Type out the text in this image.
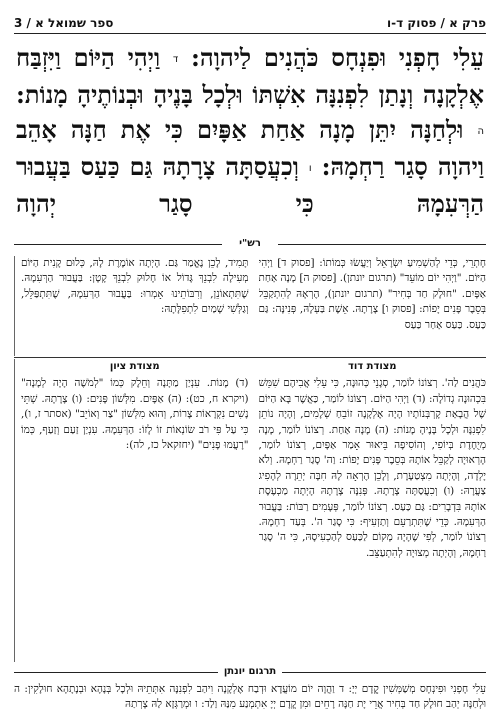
פרק א / פסוק ד-ו
3 / ספר שמואל א
עֵלִי חָפְנִי וּפִנְחָס כֹּהֲנִים לַיהוָה: ד וַיְהִי הַיּוֹם וַיִּזְבַּח אֶלְקָנָה וְנָתַן לִפְנִנָּה אִשְׁתּוֹ וּלְכָל בָּנֶיהָ וּבְנוֹתֶיהָ מָנוֹת: ה וּלְחַנָּה יִתֵּן מָנָה אַחַת אַפָּיִם כִּי אֶת חַנָּה אָהֵב וַיהוָה סָגַר רַחְמָהּ: ו וְכִעֲסַתָּה צָרָתָהּ גַּם כַּעַס בַּעֲבוּר הַרְּעִמָהּ כִּי סָגַר יְהוָה
רש"י
חָתְרֵי, כְּדֵי לְהַשְׁמִיעַ יִשְׂרָאֵל וְיַעֲשׂוּ כְּמוֹתוֹ: [פסוק ד] וַיְהִי הַיּוֹם. "וַיְהִי יוֹם מוֹעֵד" (תרגום יונתן). [פסוק ה] מָנָה אַחַת אַפָּיִם. "חוּלָק חַד בְּחִיר" (תרגום יונתן), הֶרְאָהּ לְהִתְקַבֵּל בְּסֵבֶר פָּנִים יָפוֹת: [פסוק ו] צָרָתָהּ. אֵשֶׁת בַּעְלָהּ, פְּנִינָּה: גַּם כַּעַס. כַּעַס אַחַר כַּעַס
תָּמִיד, לָכֵן נֶאֱמַר גַּם. הָיְתָה אוֹמֶרֶת לָהּ, כְּלוּם קָנִית הַיּוֹם מְעִילָה לִבְנֵךְ גָּדוֹל אוֹ חָלוּק לִבְנֵךְ קָטָן: בַּעֲבוּר הַרְּעִמָהּ. שֶׁתִּתְאוֹנֵן, וְרִבּוֹתֵינוּ אָמְרוּ: בַּעֲבוּר הַרְּעִמָהּ, שֶׁתִּתְפַּלֵּל, וְגַלְּשִׁי שָׁמַיִם לִתְפִלָּתָהּ:
מצודת דוד
כֹּהֲנִים לַה'. רְצוֹנוֹ לוֹמַר, סְגָנֵי כְּהוּנָה, כִּי עֵלִי אֲבִיהֶם שִׁמֵּשׁ בִּכְהוּנָה גְדוֹלָה: (ד) וַיְהִי הַיּוֹם. רְצוֹנוֹ לוֹמַר, כַּאֲשֶׁר בָּא הַיּוֹם שֶׁל הֲבָאַת קָרְבְּנוֹתָיו הָיָה אֶלְקָנָה זוֹבֵחַ שְׁלָמִים, וְהָיָה נוֹתֵן לִפְנִנָּה וּלְכָל בָּנֶיהָ מָנוֹת: (ה) מָנָה אַחַת. רְצוֹנוֹ לוֹמַר, מָנָה מְיֻחֶדֶת בְּיוֹפִי, וְהוֹסִיפָה בֵּיאוּר אָמַר אַפָּיִם, רְצוֹנוֹ לוֹמַר, הָרְאוּיָה לְקַבֵּל אוֹתָהּ בְּסֵבֶר פָּנִים יָפוֹת: וַה' סָגַר רַחְמָהּ. וְלֹא יָלְדָה, וְהָיְתָה מִצְטַעֶרֶת, וְלָכֵן הֶרְאָה לָהּ חִבָּה יְתֵרָה לְהָפִיג צַעֲרָהּ: (ו) וְכִעֲסַתָּה צָרָתָהּ. פְּנִנָּה צָרָתָהּ הָיְתָה מַכְעֶסֶת אוֹתָהּ בִּדְבָרִים: גַּם כַּעַס. רְצוֹנוֹ לוֹמַר, פְּעָמִים רַבּוֹת: בַּעֲבוּר הַרְּעִמָהּ. כְּדֵי שֶׁתִּתְרַעֵם וְתַזְעִיף: כִּי סָגַר ה'. בְּעַד רַחְמָהּ. רְצוֹנוֹ לוֹמַר, לְפִי שֶׁהָיָה מָקוֹם לַכַּעַס לְהַכְעִיסָהּ, כִּי ה' סָגַר רַחְמָהּ, וְהָיְתָה מְצוּיָה לְהִתְעַצֵּב.
מצודת ציון
(ד) מָנוֹת. עִנְיַן מַתָּנָה וְחֵלֶק כְּמוֹ "לְמֹשֶׁה הָיָה לְמָנָה" (ויקרא ח, כט): (ה) אַפָּיִם. מִלְּשׁוֹן פָּנִים: (ו) צָרָתָהּ. שְׁתֵּי נָשִׁים נִקְרָאוֹת צָרוֹת, וְהוּא מִלְּשׁוֹן "צַר וְאוֹיֵב" (אסתר ז, ו), כִּי עַל פִּי רֹב שׂוֹנְאוֹת זוֹ לָזוֹ: הַרְּעִמָהּ. עִנְיַן זַעַם וְזַעַף, כְּמוֹ "רָעֲמוּ פָנִים" (יחזקאל כז, לה):
תרגום יונתן
עֵלִי חָפְנִי וּפִינְחָס מְשַׁמְּשִׁין קֳדָם יְיָ: ד וַהֲוָה יוֹם מוֹעֲדָא וּדְבַח אֶלְקָנָה וִיהַב לִפְנִנָּה אִתְּתֵיהּ וּלְכָל בְּנָהָא וּבְנָתָהָא חוּלָקִין: ה וּלְחַנָּה יְהַב חוּלָק חַד בְּחִיר אֲרֵי יָת חַנָּה רָחֵים וּמִן קֳדָם יְיָ אִתְמְנַע מִנַּהּ וַלַד: ו וּמְרַגְּזָא לַהּ צָרְתַהּ
